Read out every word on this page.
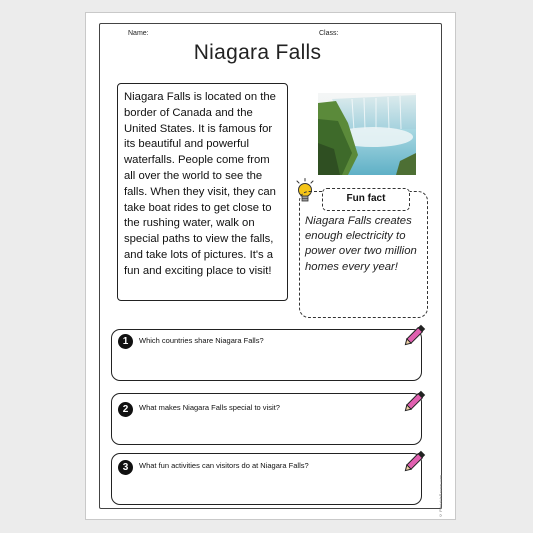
Name:	Class:
Niagara Falls
Niagara Falls is located on the border of Canada and the United States. It is famous for its beautiful and powerful waterfalls. People come from all over the world to see the falls. When they visit, they can take boat rides to get close to the rushing water, walk on special paths to view the falls, and take lots of pictures. It's a fun and exciting place to visit!
Fun fact
Niagara Falls creates enough electricity to power over two million homes every year!
1	Which countries share Niagara Falls?
2	What makes Niagara Falls special to visit?
3	What fun activities can visitors do at Niagara Falls?
© PrintableBazaar.com
